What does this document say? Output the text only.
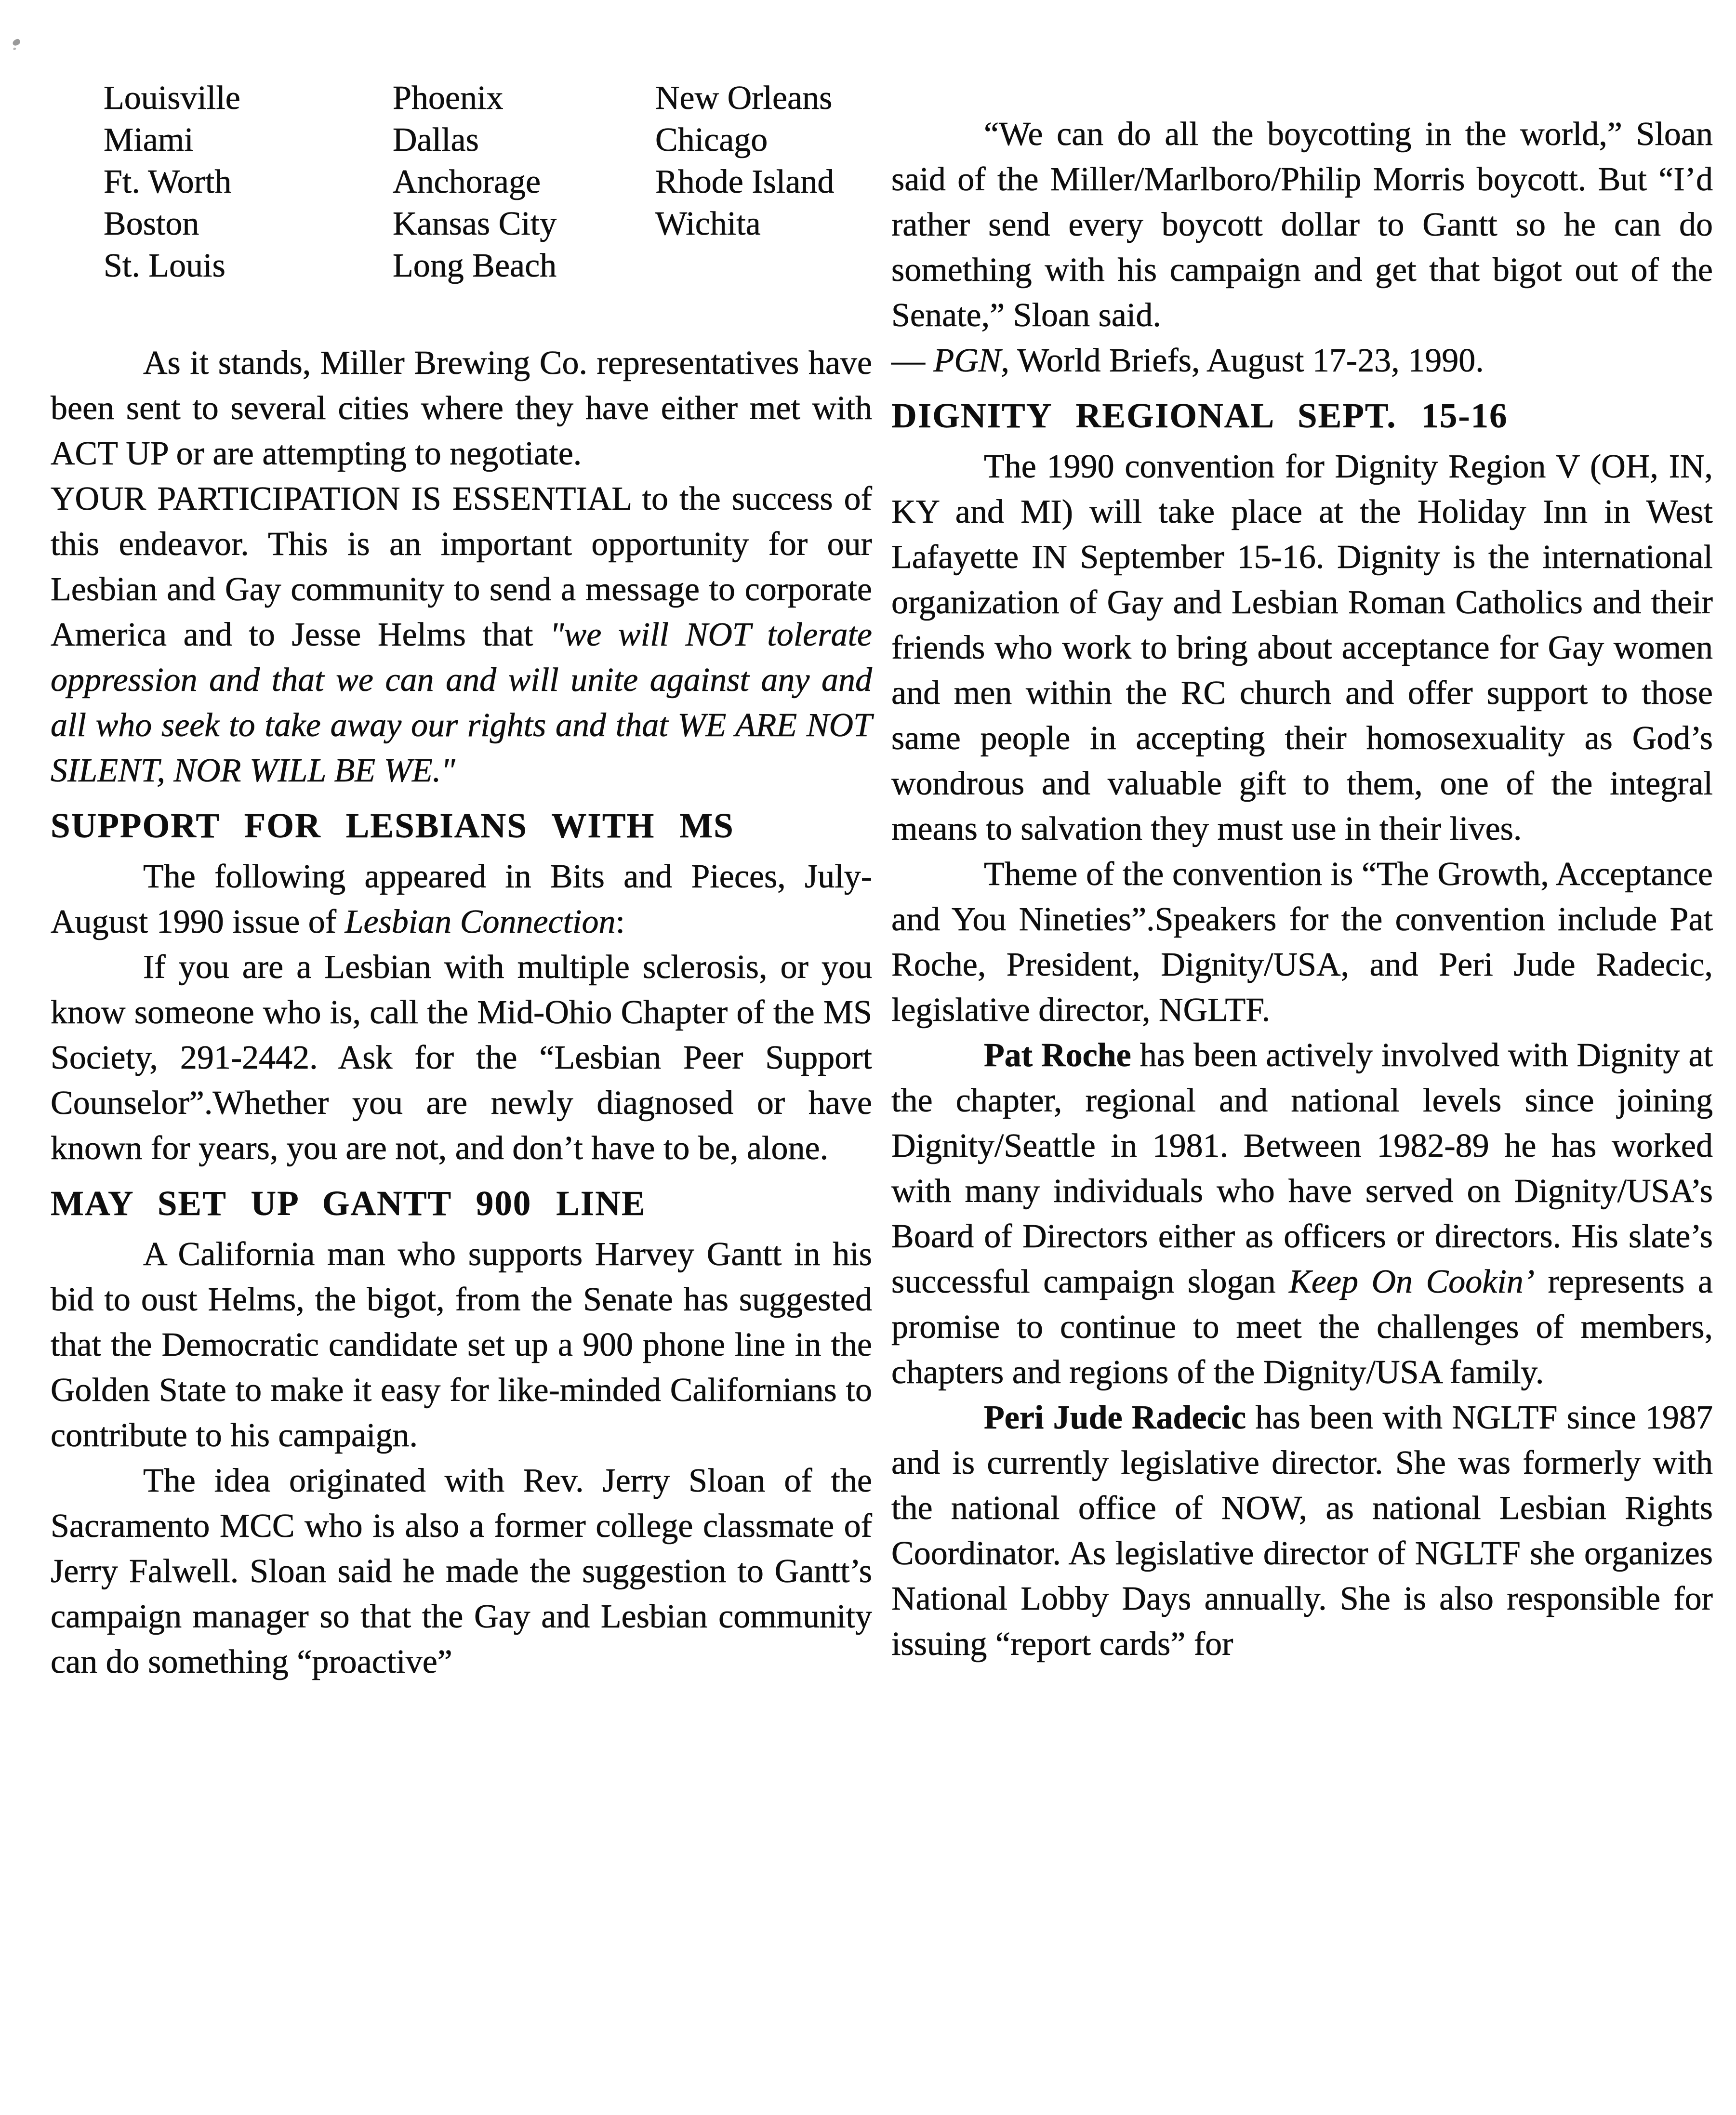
Louisville
Miami
Ft. Worth
Boston
St. Louis
Phoenix
Dallas
Anchorage
Kansas City
Long Beach
New Orleans
Chicago
Rhode Island
Wichita

As it stands, Miller Brewing Co. representatives have been sent to several cities where they have either met with ACT UP or are attempting to negotiate.

YOUR PARTICIPATION IS ESSENTIAL to the success of this endeavor. This is an important opportunity for our Lesbian and Gay community to send a message to corporate America and to Jesse Helms that "we will NOT tolerate oppression and that we can and will unite against any and all who seek to take away our rights and that WE ARE NOT SILENT, NOR WILL BE WE."

SUPPORT FOR LESBIANS WITH MS

The following appeared in Bits and Pieces, July-August 1990 issue of Lesbian Connection:

If you are a Lesbian with multiple sclerosis, or you know someone who is, call the Mid-Ohio Chapter of the MS Society, 291-2442. Ask for the “Lesbian Peer Support Counselor”.Whether you are newly diagnosed or have known for years, you are not, and don’t have to be, alone.

MAY SET UP GANTT 900 LINE

A California man who supports Harvey Gantt in his bid to oust Helms, the bigot, from the Senate has suggested that the Democratic candidate set up a 900 phone line in the Golden State to make it easy for like-minded Californians to contribute to his campaign.

The idea originated with Rev. Jerry Sloan of the Sacramento MCC who is also a former college classmate of Jerry Falwell. Sloan said he made the suggestion to Gantt’s campaign manager so that the Gay and Lesbian community can do something “proactive”

“We can do all the boycotting in the world,” Sloan said of the Miller/Marlboro/Philip Morris boycott. But “I’d rather send every boycott dollar to Gantt so he can do something with his campaign and get that bigot out of the Senate,” Sloan said.

— PGN, World Briefs, August 17-23, 1990.

DIGNITY REGIONAL SEPT. 15-16

The 1990 convention for Dignity Region V (OH, IN, KY and MI) will take place at the Holiday Inn in West Lafayette IN September 15-16. Dignity is the international organization of Gay and Lesbian Roman Catholics and their friends who work to bring about acceptance for Gay women and men within the RC church and offer support to those same people in accepting their homosexuality as God’s wondrous and valuable gift to them, one of the integral means to salvation they must use in their lives.

Theme of the convention is “The Growth, Acceptance and You Nineties”.Speakers for the convention include Pat Roche, President, Dignity/USA, and Peri Jude Radecic, legislative director, NGLTF.

Pat Roche has been actively involved with Dignity at the chapter, regional and national levels since joining Dignity/Seattle in 1981. Between 1982-89 he has worked with many individuals who have served on Dignity/USA’s Board of Directors either as officers or directors. His slate’s successful campaign slogan Keep On Cookin’ represents a promise to continue to meet the challenges of members, chapters and regions of the Dignity/USA family.

Peri Jude Radecic has been with NGLTF since 1987 and is currently legislative director. She was formerly with the national office of NOW, as national Lesbian Rights Coordinator. As legislative director of NGLTF she organizes National Lobby Days annually. She is also responsible for issuing “report cards” for
